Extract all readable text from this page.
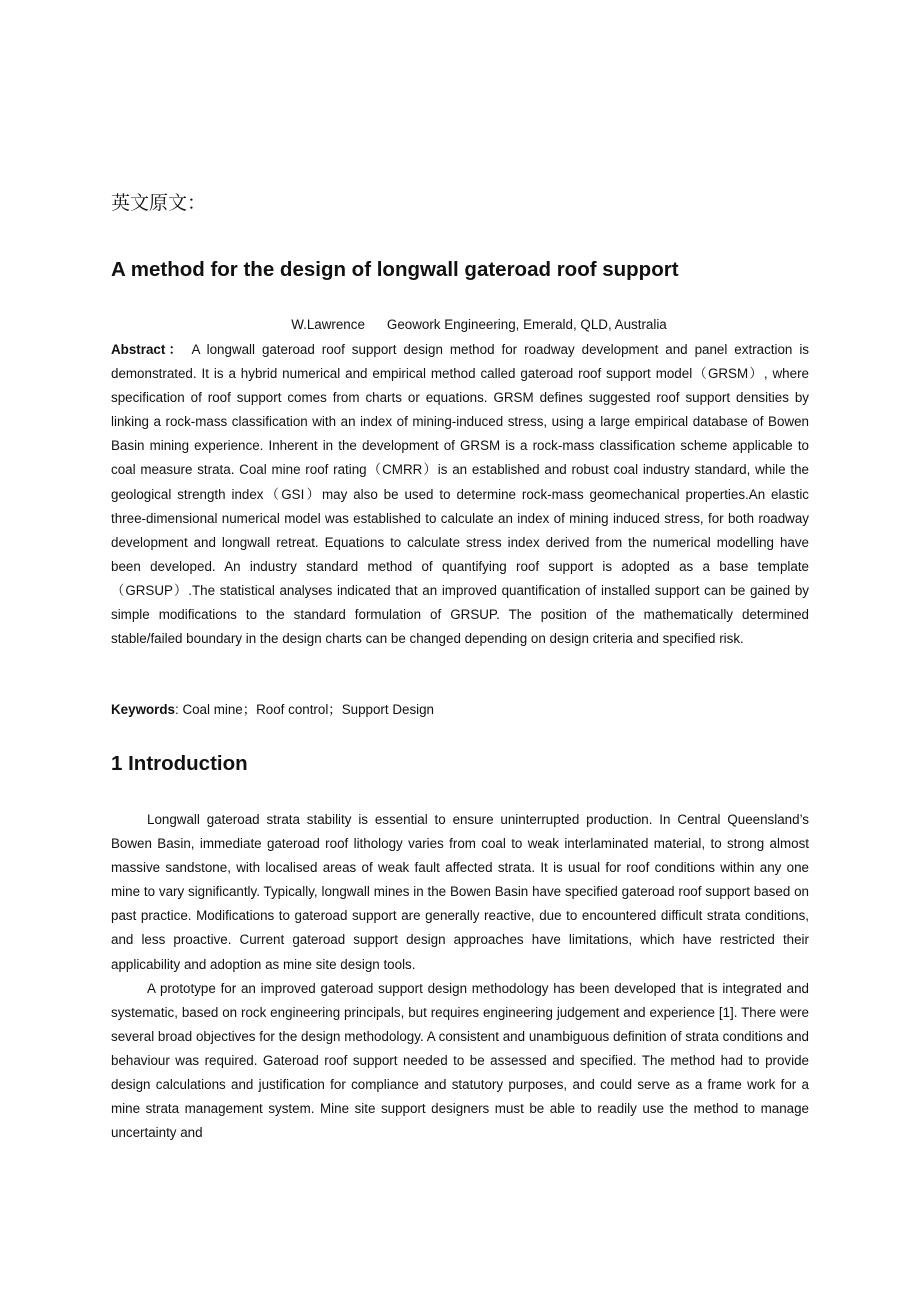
英文原文：
A method for the design of longwall gateroad roof support
W.Lawrence Geowork Engineering, Emerald, QLD, Australia

Abstract： A longwall gateroad roof support design method for roadway development and panel extraction is demonstrated. It is a hybrid numerical and empirical method called gateroad roof support model（GRSM）, where specification of roof support comes from charts or equations. GRSM defines suggested roof support densities by linking a rock-mass classification with an index of mining-induced stress, using a large empirical database of Bowen Basin mining experience. Inherent in the development of GRSM is a rock-mass classification scheme applicable to coal measure strata. Coal mine roof rating（CMRR）is an established and robust coal industry standard, while the geological strength index（GSI）may also be used to determine rock-mass geomechanical properties.An elastic three-dimensional numerical model was established to calculate an index of mining induced stress, for both roadway development and longwall retreat. Equations to calculate stress index derived from the numerical modelling have been developed. An industry standard method of quantifying roof support is adopted as a base template（GRSUP）.The statistical analyses indicated that an improved quantification of installed support can be gained by simple modifications to the standard formulation of GRSUP. The position of the mathematically determined stable/failed boundary in the design charts can be changed depending on design criteria and specified risk.

Keywords: Coal mine；Roof control；Support Design

1 Introduction

Longwall gateroad strata stability is essential to ensure uninterrupted production. In Central Queensland’s Bowen Basin, immediate gateroad roof lithology varies from coal to weak interlaminated material, to strong almost massive sandstone, with localised areas of weak fault affected strata. It is usual for roof conditions within any one mine to vary significantly. Typically, longwall mines in the Bowen Basin have specified gateroad roof support based on past practice. Modifications to gateroad support are generally reactive, due to encountered difficult strata conditions, and less proactive. Current gateroad support design approaches have limitations, which have restricted their applicability and adoption as mine site design tools.

A prototype for an improved gateroad support design methodology has been developed that is integrated and systematic, based on rock engineering principals, but requires engineering judgement and experience [1]. There were several broad objectives for the design methodology. A consistent and unambiguous definition of strata conditions and behaviour was required. Gateroad roof support needed to be assessed and specified. The method had to provide design calculations and justification for compliance and statutory purposes, and could serve as a frame work for a mine strata management system. Mine site support designers must be able to readily use the method to manage uncertainty and
